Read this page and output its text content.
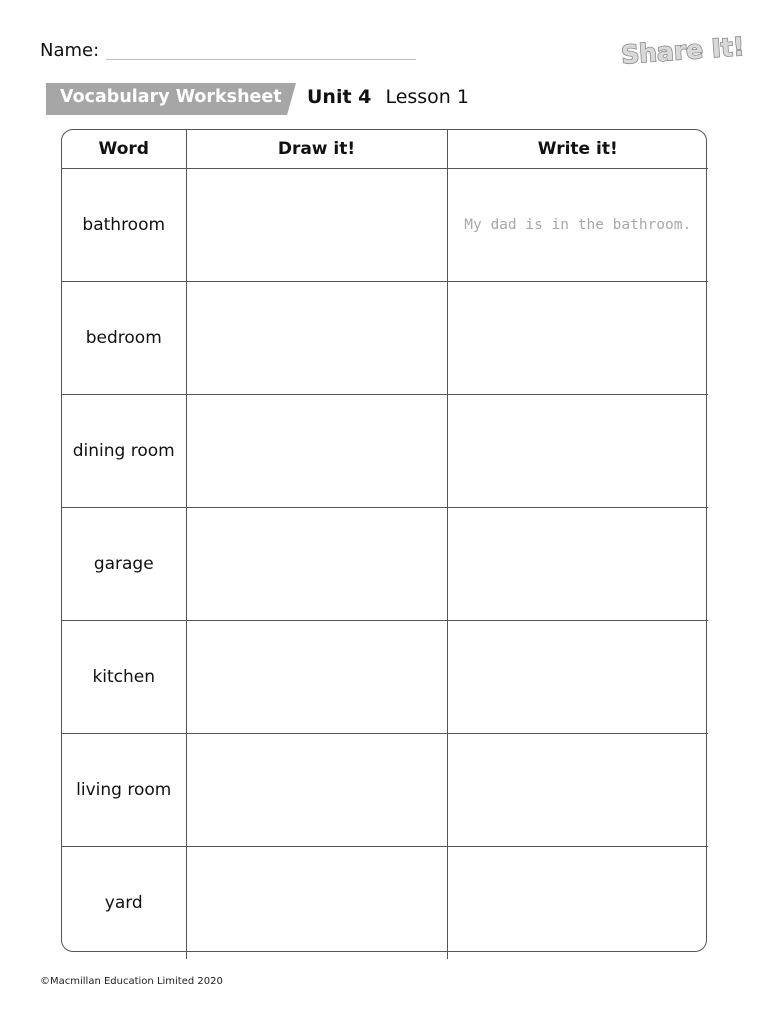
Name:	Share It!
Vocabulary Worksheet Unit 4 Lesson 1
Word	Draw it!	Write it!
bathroom		My dad is in the bathroom.
bedroom		
dining room		
garage		
kitchen		
living room		
yard		
©Macmillan Education Limited 2020
